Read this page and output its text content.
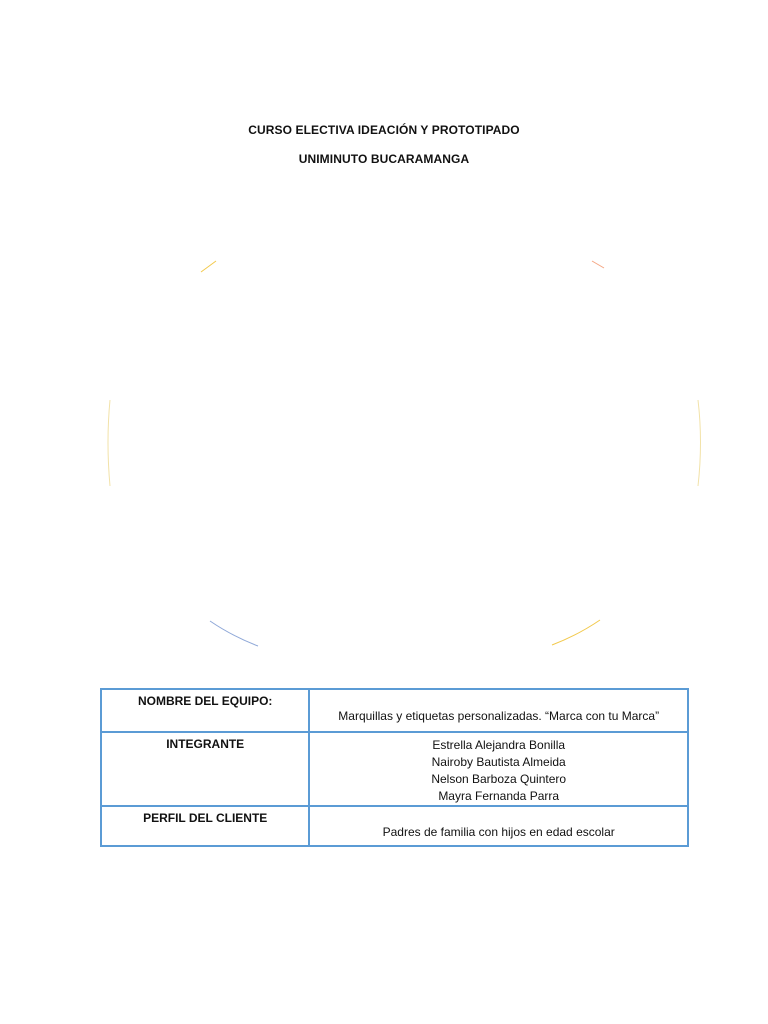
CURSO ELECTIVA IDEACIÓN Y PROTOTIPADO
UNIMINUTO BUCARAMANGA
NOMBRE DEL EQUIPO:	Marquillas y etiquetas personalizadas. “Marca con tu Marca”

INTEGRANTE	Estrella Alejandra Bonilla
Nairoby Bautista Almeida
Nelson Barboza Quintero
Mayra Fernanda Parra

PERFIL DEL CLIENTE	Padres de familia con hijos en edad escolar
